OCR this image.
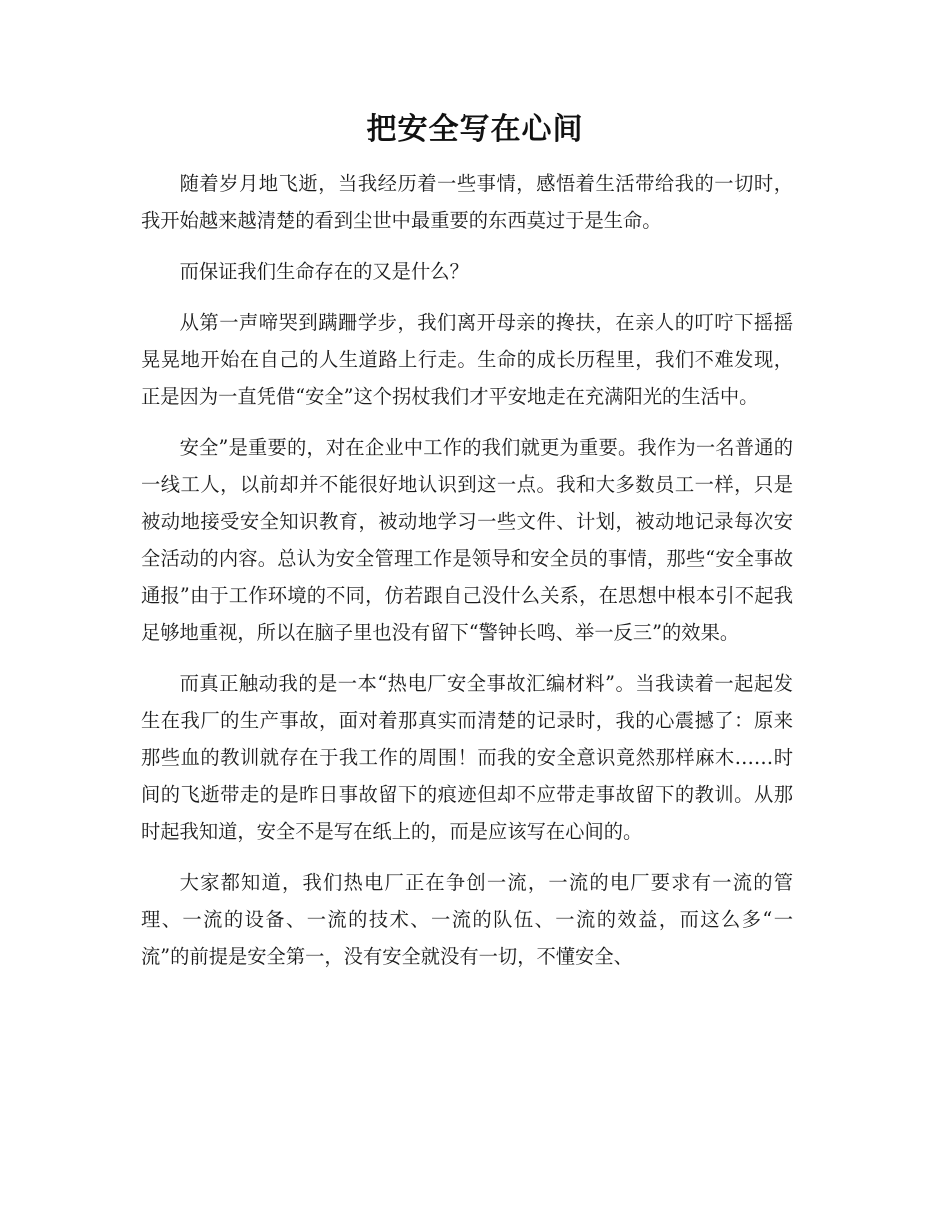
把安全写在心间

随着岁月地飞逝，当我经历着一些事情，感悟着生活带给我的一切时，我开始越来越清楚的看到尘世中最重要的东西莫过于是生命。

而保证我们生命存在的又是什么？

从第一声啼哭到蹒跚学步，我们离开母亲的搀扶，在亲人的叮咛下摇摇晃晃地开始在自己的人生道路上行走。生命的成长历程里，我们不难发现，正是因为一直凭借“安全”这个拐杖我们才平安地走在充满阳光的生活中。

安全”是重要的，对在企业中工作的我们就更为重要。我作为一名普通的一线工人，以前却并不能很好地认识到这一点。我和大多数员工一样，只是被动地接受安全知识教育，被动地学习一些文件、计划，被动地记录每次安全活动的内容。总认为安全管理工作是领导和安全员的事情，那些“安全事故通报”由于工作环境的不同，仿若跟自己没什么关系，在思想中根本引不起我足够地重视，所以在脑子里也没有留下“警钟长鸣、举一反三”的效果。

而真正触动我的是一本“热电厂安全事故汇编材料”。当我读着一起起发生在我厂的生产事故，面对着那真实而清楚的记录时，我的心震撼了：原来那些血的教训就存在于我工作的周围！而我的安全意识竟然那样麻木……时间的飞逝带走的是昨日事故留下的痕迹但却不应带走事故留下的教训。从那时起我知道，安全不是写在纸上的，而是应该写在心间的。

大家都知道，我们热电厂正在争创一流，一流的电厂要求有一流的管理、一流的设备、一流的技术、一流的队伍、一流的效益，而这么多“一流”的前提是安全第一，没有安全就没有一切，不懂安全、
